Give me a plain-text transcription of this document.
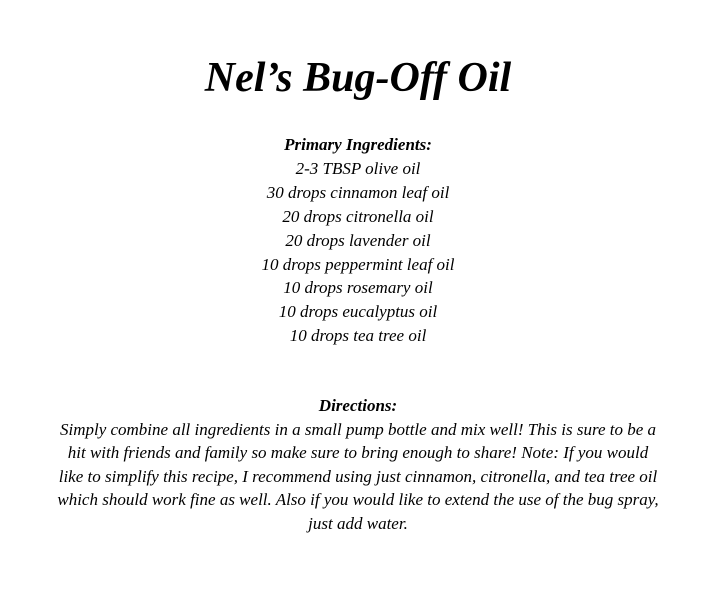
Nel’s Bug-Off Oil
Primary Ingredients:
2-3 TBSP olive oil
30 drops cinnamon leaf oil
20 drops citronella oil
20 drops lavender oil
10 drops peppermint leaf oil
10 drops rosemary oil
10 drops eucalyptus oil
10 drops tea tree oil
Directions:

Simply combine all ingredients in a small pump bottle and mix well! This is sure to be a hit with friends and family so make sure to bring enough to share! Note: If you would like to simplify this recipe, I recommend using just cinnamon, citronella, and tea tree oil which should work fine as well. Also if you would like to extend the use of the bug spray, just add water.
